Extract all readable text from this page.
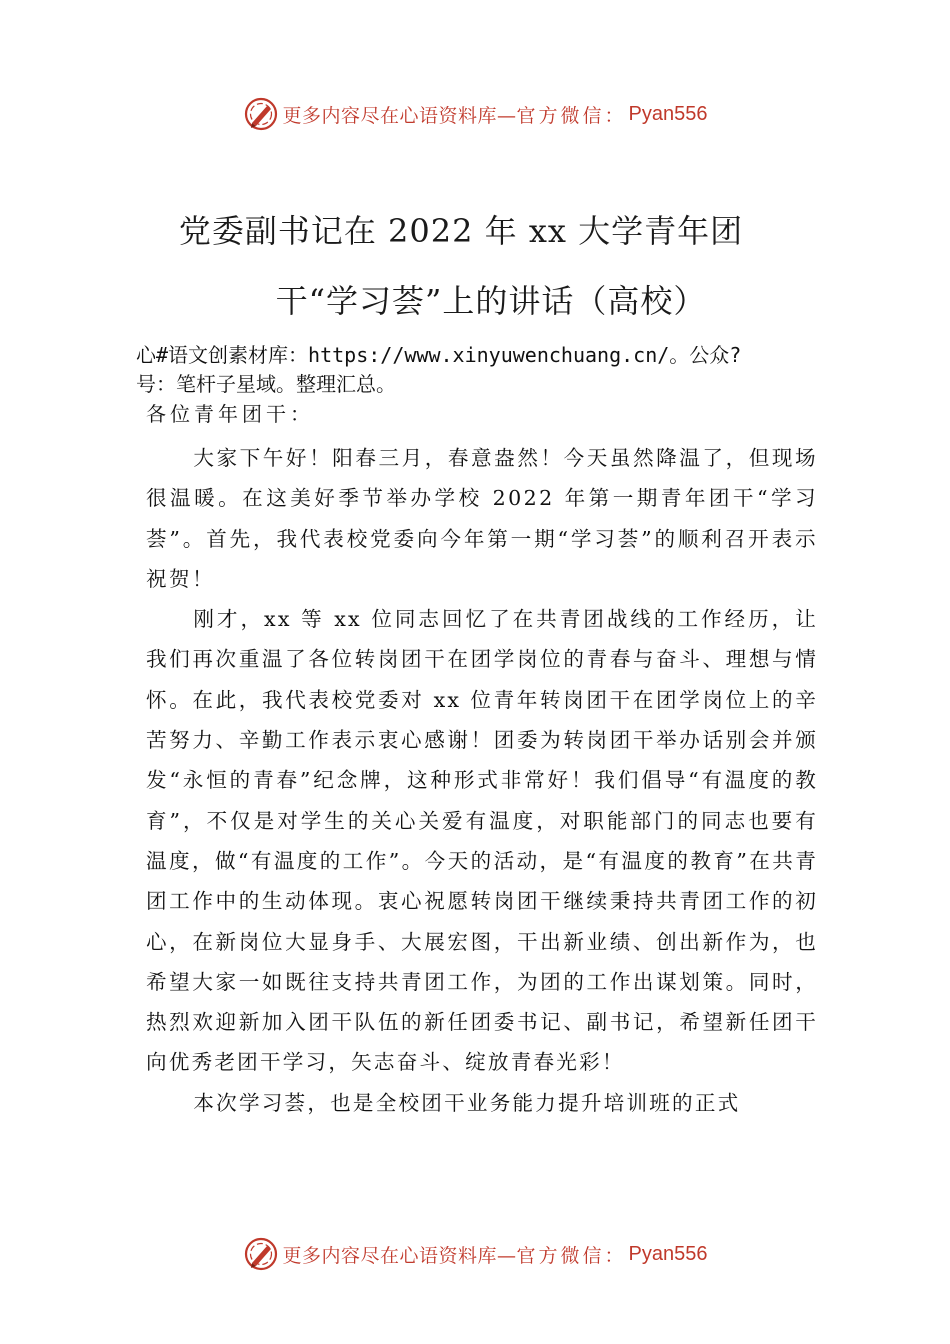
更多内容尽在心语资料库— 官方微信： Pyan556
党委副书记在 2022 年 xx 大学青年团
干“学习荟”上的讲话（高校）
心#语文创素材库：https://www.xinyuwenchuang.cn/。公众?
号：笔杆子星域。整理汇总。
各位青年团干：

大家下午好！阳春三月，春意盎然！今天虽然降温了，但现场很温暖。在这美好季节举办学校 2022 年第一期青年团干“学习荟”。首先，我代表校党委向今年第一期“学习荟”的顺利召开表示祝贺！

刚才，xx 等 xx 位同志回忆了在共青团战线的工作经历，让我们再次重温了各位转岗团干在团学岗位的青春与奋斗、理想与情怀。在此，我代表校党委对 xx 位青年转岗团干在团学岗位上的辛苦努力、辛勤工作表示衷心感谢！团委为转岗团干举办话别会并颁发“永恒的青春”纪念牌，这种形式非常好！我们倡导“有温度的教育”，不仅是对学生的关心关爱有温度，对职能部门的同志也要有温度，做“有温度的工作”。今天的活动，是“有温度的教育”在共青团工作中的生动体现。衷心祝愿转岗团干继续秉持共青团工作的初心，在新岗位大显身手、大展宏图，干出新业绩、创出新作为，也希望大家一如既往支持共青团工作，为团的工作出谋划策。同时， 热烈欢迎新加入团干队伍的新任团委书记、副书记，希望新任团干向优秀老团干学习，矢志奋斗、绽放青春光彩！

本次学习荟，也是全校团干业务能力提升培训班的正式

更多内容尽在心语资料库— 官方微信： Pyan556
